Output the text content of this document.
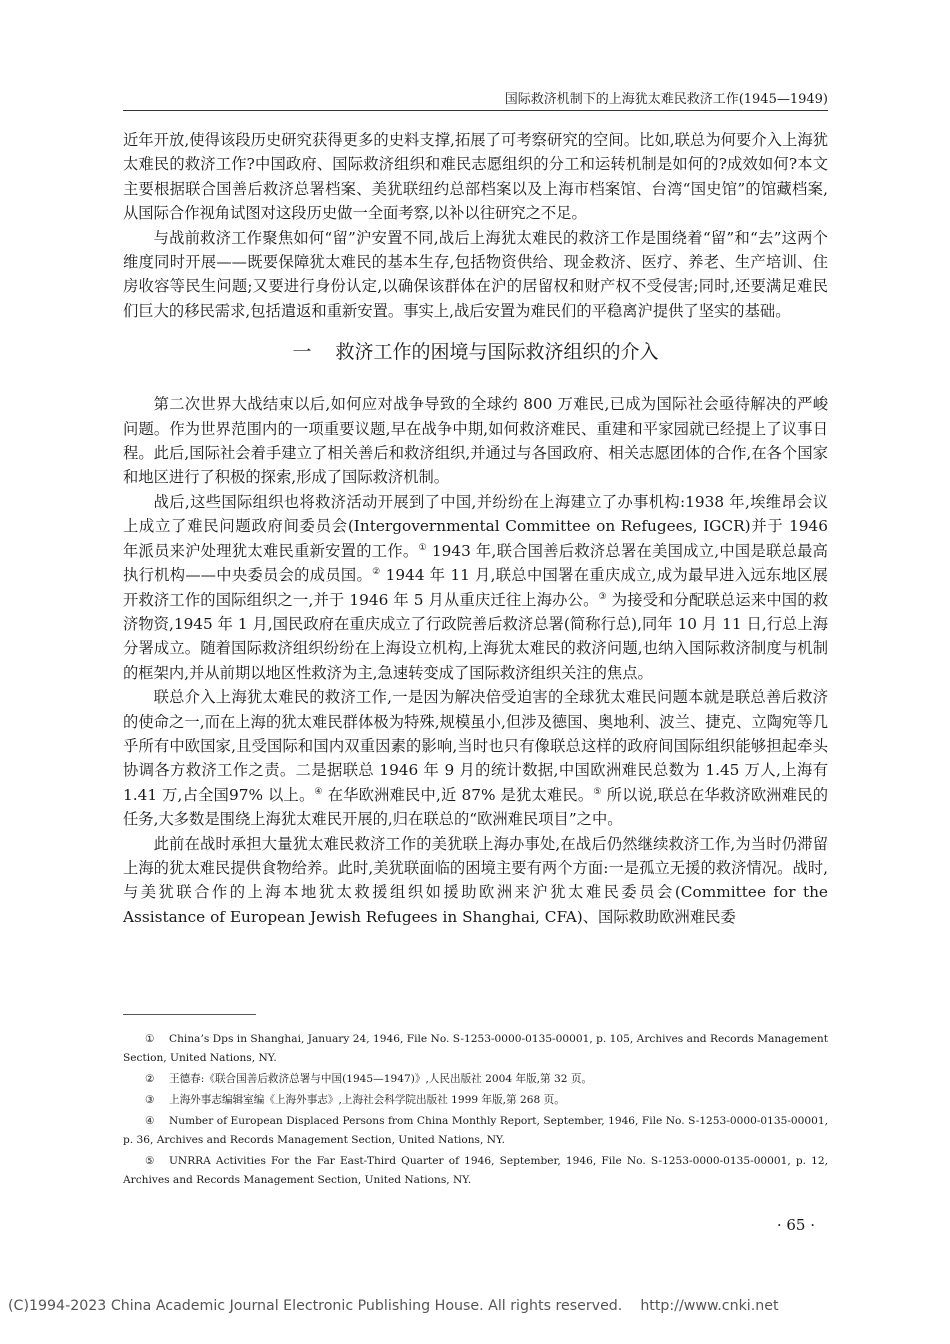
国际救济机制下的上海犹太难民救济工作(1945—1949)

近年开放,使得该段历史研究获得更多的史料支撑,拓展了可考察研究的空间。比如,联总为何要介入上海犹太难民的救济工作?中国政府、国际救济组织和难民志愿组织的分工和运转机制是如何的?成效如何?本文主要根据联合国善后救济总署档案、美犹联纽约总部档案以及上海市档案馆、台湾“国史馆”的馆藏档案,从国际合作视角试图对这段历史做一全面考察,以补以往研究之不足。

与战前救济工作聚焦如何“留”沪安置不同,战后上海犹太难民的救济工作是围绕着“留”和“去”这两个维度同时开展——既要保障犹太难民的基本生存,包括物资供给、现金救济、医疗、养老、生产培训、住房收容等民生问题;又要进行身份认定,以确保该群体在沪的居留权和财产权不受侵害;同时,还要满足难民们巨大的移民需求,包括遣返和重新安置。事实上,战后安置为难民们的平稳离沪提供了坚实的基础。

一 救济工作的困境与国际救济组织的介入

第二次世界大战结束以后,如何应对战争导致的全球约 800 万难民,已成为国际社会亟待解决的严峻问题。作为世界范围内的一项重要议题,早在战争中期,如何救济难民、重建和平家园就已经提上了议事日程。此后,国际社会着手建立了相关善后和救济组织,并通过与各国政府、相关志愿团体的合作,在各个国家和地区进行了积极的探索,形成了国际救济机制。

战后,这些国际组织也将救济活动开展到了中国,并纷纷在上海建立了办事机构:1938 年,埃维昂会议上成立了难民问题政府间委员会(Intergovernmental Committee on Refugees, IGCR)并于 1946 年派员来沪处理犹太难民重新安置的工作。① 1943 年,联合国善后救济总署在美国成立,中国是联总最高执行机构——中央委员会的成员国。② 1944 年 11 月,联总中国署在重庆成立,成为最早进入远东地区展开救济工作的国际组织之一,并于 1946 年 5 月从重庆迁往上海办公。③ 为接受和分配联总运来中国的救济物资,1945 年 1 月,国民政府在重庆成立了行政院善后救济总署(简称行总),同年 10 月 11 日,行总上海分署成立。随着国际救济组织纷纷在上海设立机构,上海犹太难民的救济问题,也纳入国际救济制度与机制的框架内,并从前期以地区性救济为主,急速转变成了国际救济组织关注的焦点。

联总介入上海犹太难民的救济工作,一是因为解决倍受迫害的全球犹太难民问题本就是联总善后救济的使命之一,而在上海的犹太难民群体极为特殊,规模虽小,但涉及德国、奥地利、波兰、捷克、立陶宛等几乎所有中欧国家,且受国际和国内双重因素的影响,当时也只有像联总这样的政府间国际组织能够担起牵头协调各方救济工作之责。二是据联总 1946 年 9 月的统计数据,中国欧洲难民总数为 1.45 万人,上海有 1.41 万,占全国97% 以上。④ 在华欧洲难民中,近 87% 是犹太难民。⑤ 所以说,联总在华救济欧洲难民的任务,大多数是围绕上海犹太难民开展的,归在联总的“欧洲难民项目”之中。

此前在战时承担大量犹太难民救济工作的美犹联上海办事处,在战后仍然继续救济工作,为当时仍滞留上海的犹太难民提供食物给养。此时,美犹联面临的困境主要有两个方面:一是孤立无援的救济情况。战时,与美犹联合作的上海本地犹太救援组织如援助欧洲来沪犹太难民委员会(Committee for the Assistance of European Jewish Refugees in Shanghai, CFA)、国际救助欧洲难民委

① China’s Dps in Shanghai, January 24, 1946, File No. S-1253-0000-0135-00001, p. 105, Archives and Records Management Section, United Nations, NY.
② 王德春:《联合国善后救济总署与中国(1945—1947)》,人民出版社 2004 年版,第 32 页。
③ 上海外事志编辑室编《上海外事志》,上海社会科学院出版社 1999 年版,第 268 页。
④ Number of European Displaced Persons from China Monthly Report, September, 1946, File No. S-1253-0000-0135-00001, p. 36, Archives and Records Management Section, United Nations, NY.
⑤ UNRRA Activities For the Far East-Third Quarter of 1946, September, 1946, File No. S-1253-0000-0135-00001, p. 12, Archives and Records Management Section, United Nations, NY.
· 65 ·
(C)1994-2023 China Academic Journal Electronic Publishing House. All rights reserved. http://www.cnki.net
